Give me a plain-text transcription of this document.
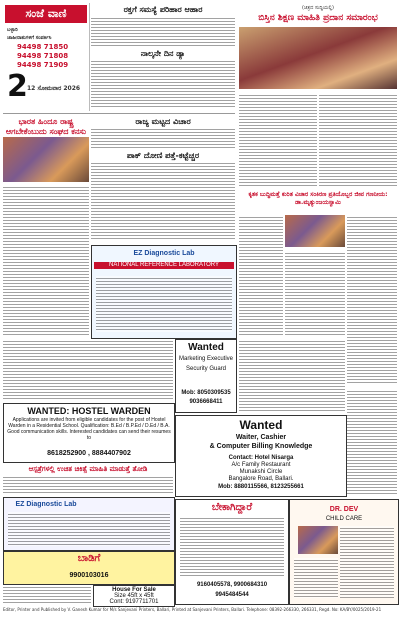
ಸಂಜೆ ವಾಣಿ
ಬಳ್ಳಾರಿ
ಜಾಹೀರಾತುಗಳಿಗೆ ಸಂಪರ್ಕಿಸಿ
94498 71850
94498 71808
94498 71909
2 12 ಸೋಮವಾರ 2026
ರಕ್ತಗೆ ಸಮಸ್ಯೆ ಪರಿಹಾರ ಆಹಾರ
ನಾಲ್ಕನೇ ದಿನ ಡ್ಯಾ
ಭಾರತ ಹಿಂದೂ ರಾಷ್ಟ್ರ ಆಗಬೇಕೆಂಬುದು ಸಂಘದ ಕನಸು
ರಾಜ್ಯ ಮಟ್ಟದ ವಿಚಾರ
ಪಾಕ್ ದೋಣಿ ಪತ್ತೆ-ಕಟ್ಟೆಚ್ಚರ
EZ Diagnostic Lab
NATIONAL REFERENCE LABORATORY
(ಚಿತ್ರದ ಸುದ್ದಿಯಲ್ಲಿ)
ಬಿಸ್ತಿನ ಶಿಕ್ಷಣ ಮಾಹಿತಿ ಪ್ರದಾನ ಸಮಾರಂಭ
ಕೃತಕ ಬುದ್ಧಿಮತ್ತೆ ಕುರಿತ ವಿಚಾರ ಸಂಕಿರಣ ಪ್ರತಿಯೊಬ್ಬರ ಜೀವ ಗಣನೀಯ: ಡಾ.ಮೃತ್ಯುಂಜಯಸ್ವಾಮಿ
Wanted
Marketing Executive
Security Guard
Mob: 8050309535
9036668411
WANTED: HOSTEL WARDEN
Applications are invited from eligible candidates for the post of Hostel Warden in a Residential School. Qualification: B.Ed / B.P.Ed / D.Ed / B.A. Good communication skills. Interested candidates can send their resumes to
8618252900 , 8884407902
Wanted
Waiter, Cashier
& Computer Billing Knowledge
Contact: Hotel Nisarga
A/c Family Restaurant
Munakshi Circle
Bangalore Road, Ballari.
Mob: 8880115566, 8123255661
ಆಸ್ಪತ್ರೆಗಳಲ್ಲಿ ಉಚಿತ ಚಿಕಿತ್ಸೆ ಮಾಹಿತಿ ಮಾಡುತ್ತೆ ತೋಡಿ
EZ Diagnostic Lab
ಬಾಡಿಗೆ
9900103016
House For Sale
Size 45ft x 45ft
Cont: 9197711701
ಬೇಕಾಗಿದ್ದಾರೆ
9160405578, 9900684310
9945484544
DR. DEV
CHILD CARE
Editor, Printer and Published by V. Ganesh Kumar for M/s Sanjevani Printers, Ballari, Printed at Sanjevani Printers, Ballari. Telephone: 08392-266330, 266331, Regd. No: KA/BY/0025/2019-21
